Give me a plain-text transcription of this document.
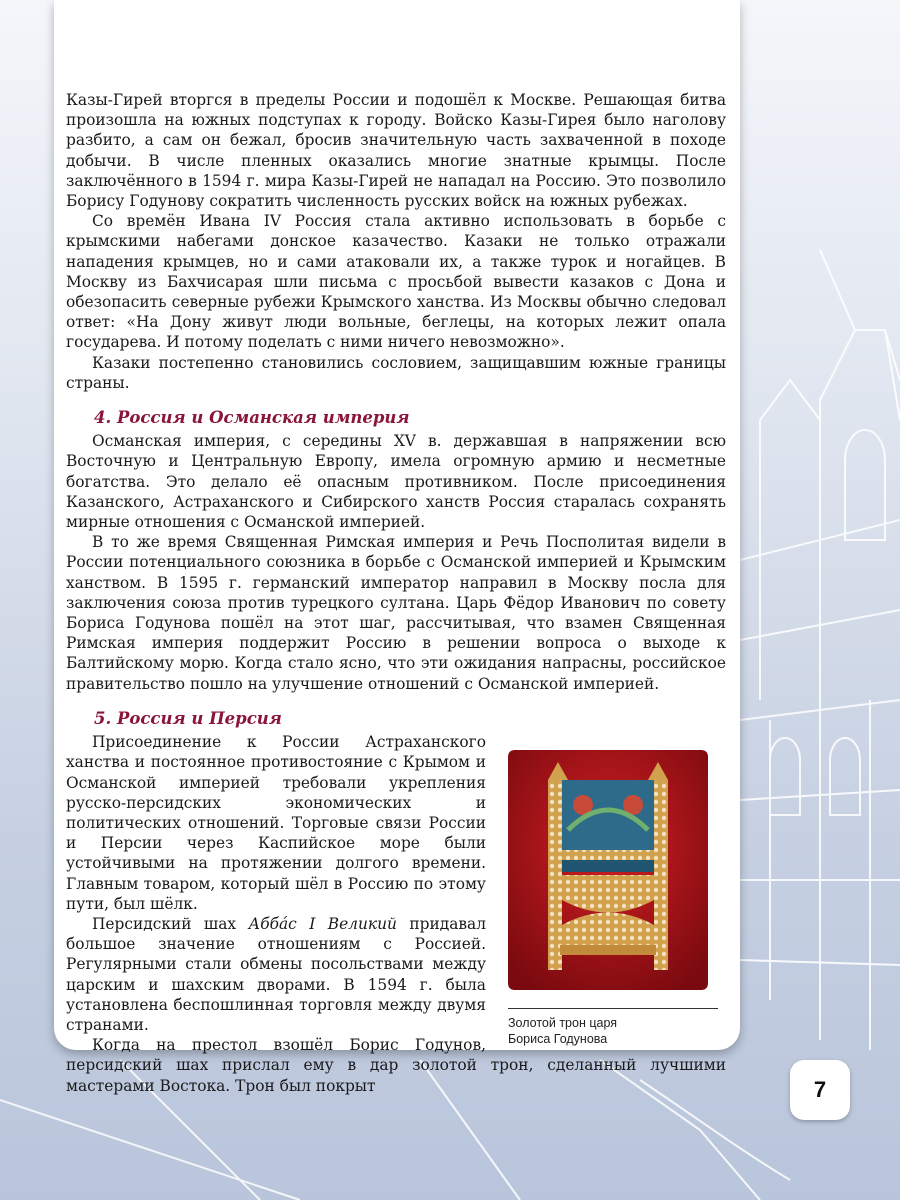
Казы-Гирей вторгся в пределы России и подошёл к Москве. Решающая битва произошла на южных подступах к городу. Войско Казы-Гирея было наголову разбито, а сам он бежал, бросив значительную часть захваченной в походе добычи. В числе пленных оказались многие знатные крымцы. После заключённого в 1594 г. мира Казы-Гирей не нападал на Россию. Это позволило Борису Годунову сократить численность русских войск на южных рубежах.

Со времён Ивана IV Россия стала активно использовать в борьбе с крымскими набегами донское казачество. Казаки не только отражали нападения крымцев, но и сами атаковали их, а также турок и ногайцев. В Москву из Бахчисарая шли письма с просьбой вывести казаков с Дона и обезопасить северные рубежи Крымского ханства. Из Москвы обычно следовал ответ: «На Дону живут люди вольные, беглецы, на которых лежит опала государева. И потому поделать с ними ничего невозможно».

Казаки постепенно становились сословием, защищавшим южные границы страны.

4. Россия и Османская империя

Османская империя, с середины XV в. державшая в напряжении всю Восточную и Центральную Европу, имела огромную армию и несметные богатства. Это делало её опасным противником. После присоединения Казанского, Астраханского и Сибирского ханств Россия старалась сохранять мирные отношения с Османской империей.

В то же время Священная Римская империя и Речь Посполитая видели в России потенциального союзника в борьбе с Османской империей и Крымским ханством. В 1595 г. германский император направил в Москву посла для заключения союза против турецкого султана. Царь Фёдор Иванович по совету Бориса Годунова пошёл на этот шаг, рассчитывая, что взамен Священная Римская империя поддержит Россию в решении вопроса о выходе к Балтийскому морю. Когда стало ясно, что эти ожидания напрасны, российское правительство пошло на улучшение отношений с Османской империей.

5. Россия и Персия
Золотой трон царя
Бориса Годунова

Присоединение к России Астраханского ханства и постоянное противостояние с Крымом и Османской империей требовали укрепления русско-персидских экономических и политических отношений. Торговые связи России и Персии через Каспийское море были устойчивыми на протяжении долгого времени. Главным товаром, который шёл в Россию по этому пути, был шёлк.

Персидский шах Абба́с I Великий придавал большое значение отношениям с Россией. Регулярными стали обмены посольствами между царским и шахским дворами. В 1594 г. была установлена беспошлинная торговля между двумя странами.

Когда на престол взошёл Борис Годунов, персидский шах прислал ему в дар золотой трон, сделанный лучшими мастерами Востока. Трон был покрыт	7
